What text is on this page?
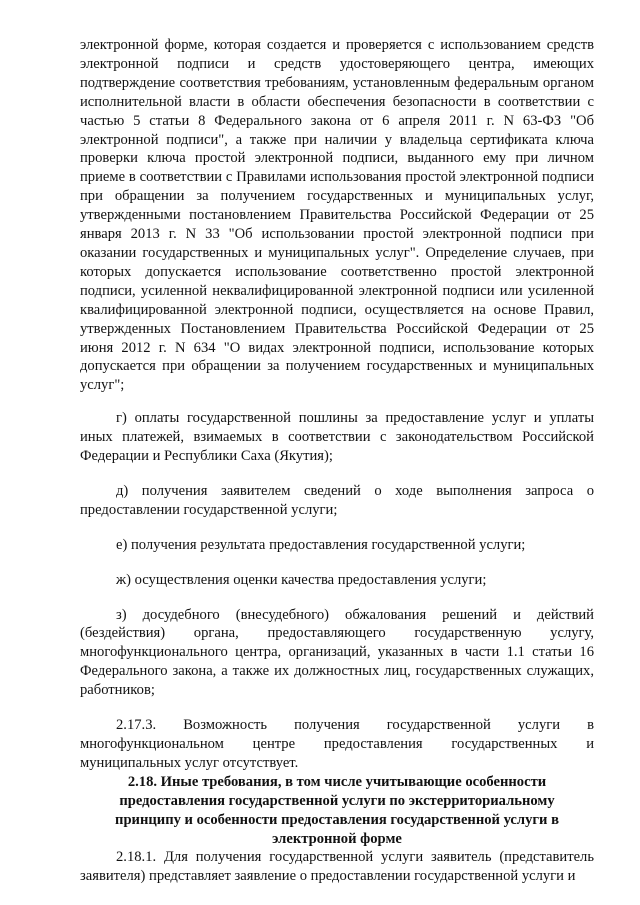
электронной форме, которая создается и проверяется с использованием средств электронной подписи и средств удостоверяющего центра, имеющих подтверждение соответствия требованиям, установленным федеральным органом исполнительной власти в области обеспечения безопасности в соответствии с частью 5 статьи 8 Федерального закона от 6 апреля 2011 г. N 63-ФЗ "Об электронной подписи", а также при наличии у владельца сертификата ключа проверки ключа простой электронной подписи, выданного ему при личном приеме в соответствии с Правилами использования простой электронной подписи при обращении за получением государственных и муниципальных услуг, утвержденными постановлением Правительства Российской Федерации от 25 января 2013 г. N 33 "Об использовании простой электронной подписи при оказании государственных и муниципальных услуг". Определение случаев, при которых допускается использование соответственно простой электронной подписи, усиленной неквалифицированной электронной подписи или усиленной квалифицированной электронной подписи, осуществляется на основе Правил, утвержденных Постановлением Правительства Российской Федерации от 25 июня 2012 г. N 634 "О видах электронной подписи, использование которых допускается при обращении за получением государственных и муниципальных услуг";

г) оплаты государственной пошлины за предоставление услуг и уплаты иных платежей, взимаемых в соответствии с законодательством Российской Федерации и Республики Саха (Якутия);

д) получения заявителем сведений о ходе выполнения запроса о предоставлении государственной услуги;

е) получения результата предоставления государственной услуги;

ж) осуществления оценки качества предоставления услуги;

з) досудебного (внесудебного) обжалования решений и действий (бездействия) органа, предоставляющего государственную услугу, многофункционального центра, организаций, указанных в части 1.1 статьи 16 Федерального закона, а также их должностных лиц, государственных служащих, работников;

2.17.3. Возможность получения государственной услуги в многофункциональном центре предоставления государственных и муниципальных услуг отсутствует.

2.18. Иные требования, в том числе учитывающие особенности предоставления государственной услуги по экстерриториальному принципу и особенности предоставления государственной услуги в электронной форме

2.18.1. Для получения государственной услуги заявитель (представитель заявителя) представляет заявление о предоставлении государственной услуги и
